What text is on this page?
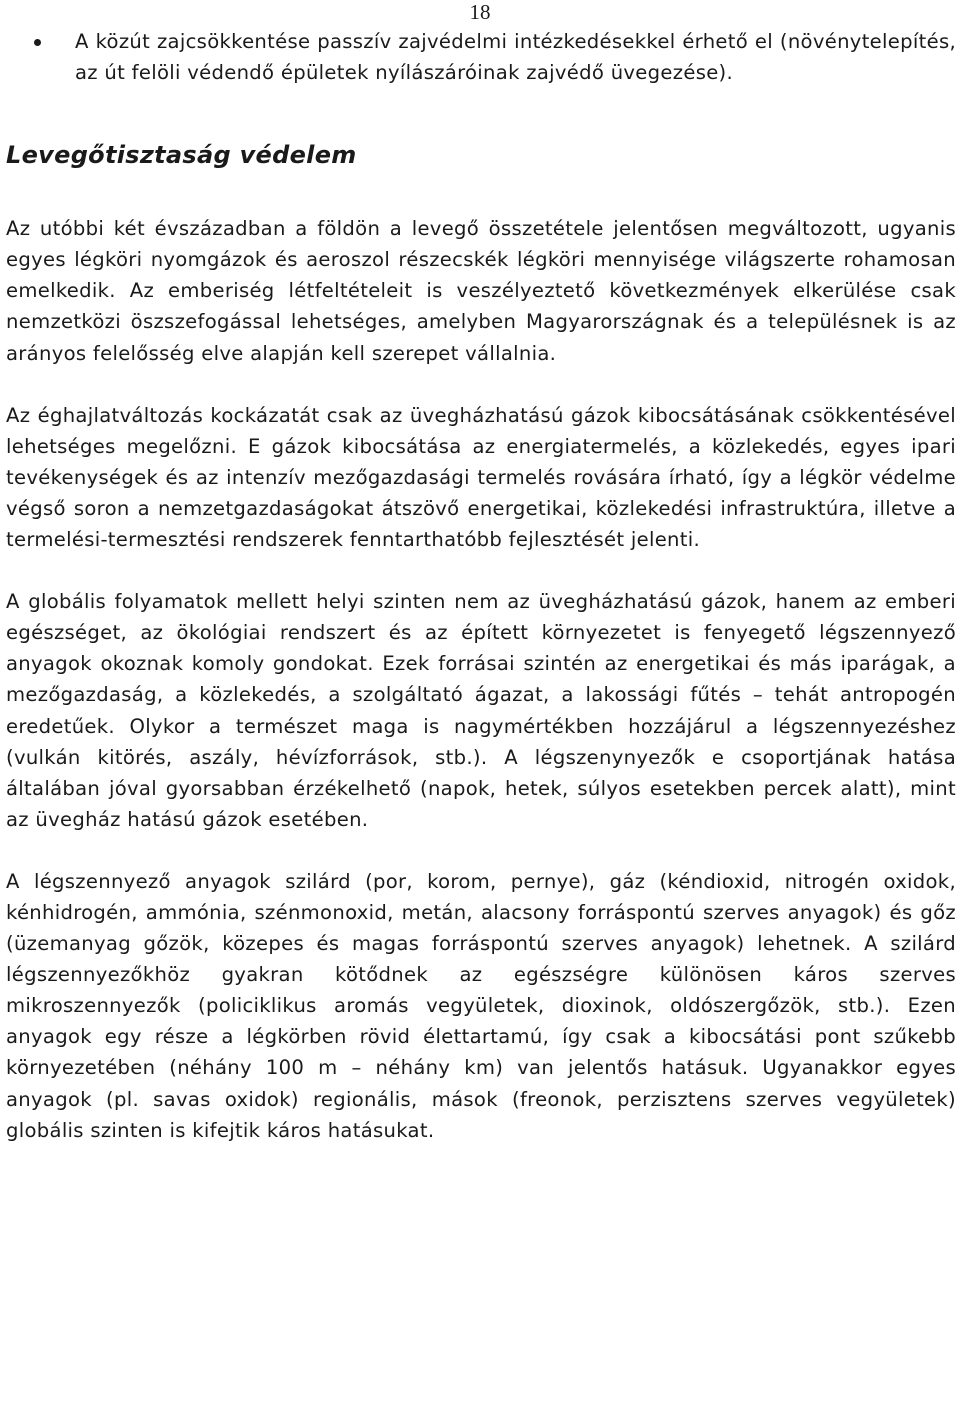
18
A közút zajcsökkentése passzív zajvédelmi intézkedésekkel érhető el (növénytelepítés, az út felöli védendő épületek nyílászáróinak zajvédő üvegezése).
Levegőtisztaság védelem

Az utóbbi két évszázadban a földön a levegő összetétele jelentősen megváltozott, ugyanis egyes légköri nyomgázok és aeroszol részecskék légköri mennyisége világszerte rohamosan emelkedik. Az emberiség létfeltételeit is veszélyeztető következmények elkerülése csak nemzetközi öszszefogással lehetséges, amelyben Magyarországnak és a településnek is az arányos felelősség elve alapján kell szerepet vállalnia.

Az éghajlatváltozás kockázatát csak az üvegházhatású gázok kibocsátásának csökkentésével lehetséges megelőzni. E gázok kibocsátása az energiatermelés, a közlekedés, egyes ipari tevékenységek és az intenzív mezőgazdasági termelés rovására írható, így a légkör védelme végső soron a nemzetgazdaságokat átszövő energetikai, közlekedési infrastruktúra, illetve a termelési-termesztési rendszerek fenntarthatóbb fejlesztését jelenti.

A globális folyamatok mellett helyi szinten nem az üvegházhatású gázok, hanem az emberi egészséget, az ökológiai rendszert és az épített környezetet is fenyegető légszennyező anyagok okoznak komoly gondokat. Ezek forrásai szintén az energetikai és más iparágak, a mezőgazdaság, a közlekedés, a szolgáltató ágazat, a lakossági fűtés – tehát antropogén eredetűek. Olykor a természet maga is nagymértékben hozzájárul a légszennyezéshez (vulkán kitörés, aszály, hévízforrások, stb.). A légszenynyezők e csoportjának hatása általában jóval gyorsabban érzékelhető (napok, hetek, súlyos esetekben percek alatt), mint az üvegház hatású gázok esetében.

A légszennyező anyagok szilárd (por, korom, pernye), gáz (kéndioxid, nitrogén oxidok, kénhidrogén, ammónia, szénmonoxid, metán, alacsony forráspontú szerves anyagok) és gőz (üzemanyag gőzök, közepes és magas forráspontú szerves anyagok) lehetnek. A szilárd légszennyezőkhöz gyakran kötődnek az egészségre különösen káros szerves mikroszennyezők (policiklikus aromás vegyületek, dioxinok, oldószergőzök, stb.). Ezen anyagok egy része a légkörben rövid élettartamú, így csak a kibocsátási pont szűkebb környezetében (néhány 100 m – néhány km) van jelentős hatásuk. Ugyanakkor egyes anyagok (pl. savas oxidok) regionális, mások (freonok, perzisztens szerves vegyületek) globális szinten is kifejtik káros hatásukat.
